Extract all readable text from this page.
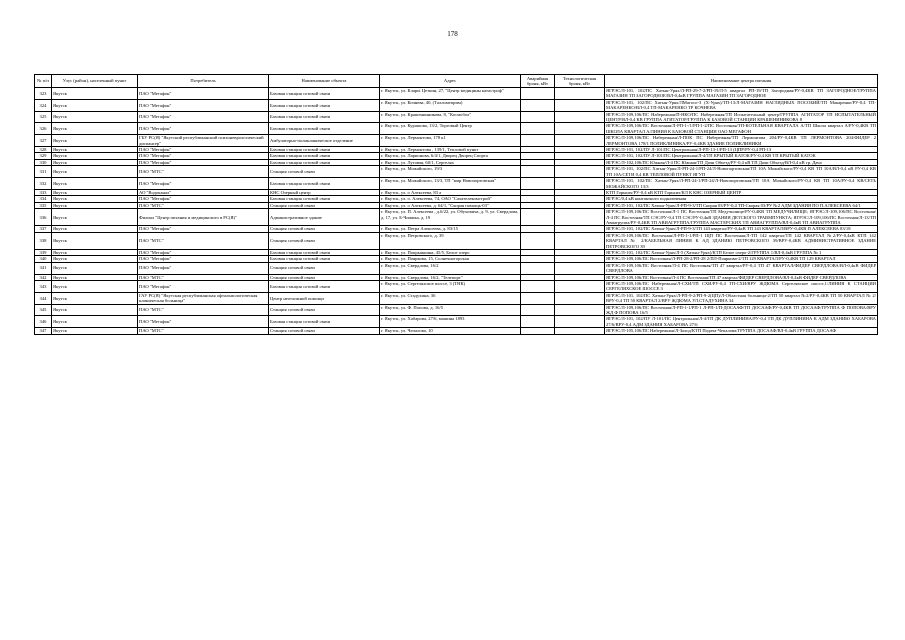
178
№ п/п	Улус (район), населенный пункт	Потребитель	Наименование объекта	Адрес	Аварийная броня, кВт	Технологическая броня, кВт	Наименование центра питания
323	Якутск	ПАО "Мегафон"	Базовая станция сотовой связи	г. Якутск, ул. Кларьі Цеткин, 27, "Центр медицины катастроф"			ЯГРЭС/Л-101, 102/ПС Хатын-Урях/Л-РП-29-7-2/РП-19/Л-5 квартал РП-19/ТП Загородная/РУ-0,4КВ ТП ЗАГОРОДНОЕ/ТРУППА МАГАЗИН ТП ЗАГОРОДНОЕ/ВЛ-0,4кВ ГРУППА МАГАЗИН ТП ЗАГОРОДНОЕ
324	Якутск	ПАО "Мегафон"	Базовая станция сотовой связи	г. Якутск, ул. Кочнева, 40, (Талломеприм)			ЯГРЭС/Л-101, 102/ПС Хатын-Урях/ЛМагосо-3 (Х-Урях)/ТП-13/Л-МАГАЗИН НАГЛЯДНЫХ ПОСОБИЙ/ТП Макаренко/РУ-0,4 ТП-МАКАРЕНКО/ВЛ-0,4 ТП-МАКАРЕНКО ТР КОЧНЕВА
325	Якутск	ПАО "Мегафон"	Базовая станция сотовой связи	г. Якутск, ул. Крашенинникова, 8, "Космобол"			ЯГРЭС/Л-109,106/ПС Набережная/П-НКО/ПС Набережная/ТП Испытательный центр/ГРУППА АГИТАТОР ТП ИСПЫТАТЕЛЬНЫЙ ЦЕНТР/ВЛ-0,4 КВ ГРУППА АГИТАТОР/ГРУППА К БАЗОВОЙ СТАНЦИИ КРАШЕНИНИКОВА 8
326	Якутск	ПАО "Мегафон"	Базовая станция сотовой связи	г. Якутск, ул. Курашова, 13/2, Торговый Центр			ЯГРЭС/Л-109,106/ПС Восточная/Л-РП-1-/1/РП-1-2/ПС Восточная/ТП-КОТЕЛЬНАЯ КВАРТАЛА А/ТП Школа квартал А/РУ-0,4КВ ТП ШКОЛА КВАРТАЛ А/ЛИНИЯ К БАЗОВОЙ СТАНЦИИ ОАО МЕГАФОН
327	Якутск	ГБУ РС(Я) "Якутский республиканский психоневрологический диспансер"	Амбулаторно-поликлиническое отделение	г. Якутск, ул. Лермонтова, 178 к1			ЯГРЭС/Л-109,106/ПС Набережная/Л-ПОК ПС Набережная/ТП Лермонтова 204/РУ-0,4КВ ТП ЛЕРМОНТОВА 204/ФИДЕР 2 ЛЕРМОНТОВА 178/1 ПОЛИКЛИНИКА/РУ-0,4КВ ЗДАНИЕ ПОЛИКЛИНИКИ
328	Якутск	ПАО "Мегафон"	Базовая станция сотовой связи	г. Якутск, ул. Лермонтова , 139/1, Тепловой пункт			ЯГРЭС/Л-101, 102/ПУ Л-101/ПС Центральная/Л-РП-13-1/РП-13 (ЦПР/РУ-0,4 РП-13
329	Якутск	ПАО "Мегафон"	Базовая станция сотовой связи	г. Якутск, ул. Ларионова, 6/4/1, Дворец Дворец Спорта			ЯГРЭС/Л-101, 102/ПУ Л-101/ПС Центральная/Л-4/ТП КРЫТЫЙ КАТОК/РУ-0,4 КВ ТП КРЫТЫЙ КАТОК
330	Якутск	ПАО "Мегафон"	Базовая станция сотовой связи	г. Якутск, ул. Луговая, 60/1, Сергелях			ЯГРЭС/Л-102,106/ПС Южная/Л-4 ПС Южная/ТП Дачи Объезд/РУ-0,4 кВ ТП Дачи Объезд/ВЛ-0,4 кВ гр. Дача
331	Якутск	ПАО "МТС"	Станция сотовой связи	г. Якутск, ул. Можайского, 19/3			ЯГРЭС/Л-101, 102/ПС Хатын-Урях/Л-РП-24-1/РП-24/Л-Новопортовская/ТП 10А Можайского/РУ-0,4 КВ ТП 10А/ВЛ-0,4 кВ РУ-0,4 КВ ТП 10А/СЕТИ 0,4 КВ ТЕПЛОВОЙ ПУНКТ ЯГУП
332	Якутск	ПАО "Мегафон"	Базовая станция сотовой связи	г. Якутск, ул. Можайского, 13/3, ТП "мир Новопортовская"			ЯГРЭС/Л-101, 102/ПС Хатын-Урях/Л-РП-24-1/РП-24/Л-Новопортовская/ТП 10А Можайского/РУ-0,4 КВ ТП 10А/РУ-0,4 КВ/СЕТЬ МОЖАЙСКОГО 13/3
333	Якутск	АО "Водоканал"	КНС Озерный центр	г. Якутск, ул. о Алексеева, 83 а			КТП Горьких/РУ-0,4 кВ КТП Горьких/КЛ К КНС ОЗЕРНЫЙ ЦЕНТР
334	Якутск	ПАО "Мегафон"	Базовая станция сотовой связи	г. Якутск, ул. о. Алексеева, 74, ОАО "Сахателекомстрой"			ЯГРЭС/0,4 кВ контактного подключения
335	Якутск	ПАО "МТС"	Станция сотовой связи	г. Якутск, ул. о Алексеева, д. 64/1, "Скорая помощь-03"			ЯГРЭС/Л-101, 102/ПС Хатын-Урях/Л-РП-9-3/ТП Скорая 03/РУ-0,4 ТП-Скорая 03/РУ №2 АДМ ЗДАНИЯ ПО П.АЛЕКСЕЕВА 64/1
336	Якутск	Филиал "Центр питания и медицинского в РС(Я)"	Административное здание	г. Якутск, ул. П. Алексеева , д.6/22, ул. Обуховича, д. 9, ул. Свердлова, д. 17, ул. Б-Чижика, д. 19			ЯГРЭС/Л-109,106/ПС Восточная/Л-1 ПС Восточная/ТП Медучилище/РУ-0,4КВ ТП МЕДУЧИЛИЩЕ; ЯГРЭС/Л-109,106/ПС Восточная/Л-4 ПС Восточная/ТП СЭС/РУ-0,4 ТП СЭС/РУ-0,4кВ ЗДАНИЯ ДЕТСКОГО ТРАВМПУНКТА; ЯГРЭС/Л-109,106/ПС Восточная/Л-13/ТП Авиагруппа/РУ-0,4КВ ТП АВИАГРУППА/ГРУППА МАСТЕРСКИХ ТП АВИАГРУППА/ВЛ-0,4кВ ТП АВИАГРУППА
337	Якутск	ПАО "Мегафон"	Станция сотовой связи	г. Якутск, ул. Петра Алексеева, д. 83/15			ЯГРЭС/Л-101, 102/ПС Хатын-Урях/Л-РП-9-3/ТП 143 квартал/РУ-0,4кВ ТП 143 КВАРТАЛ/ВРУ-0,4КВ П АЛЕКСЕЕВА 83/18
338	Якутск	ПАО "МТС"	Станция сотовой связи	г. Якутск, ул. Петровского, д. 39			ЯГРЭС/Л-109,106/ПС Восточная/Л-РП-1-1/РП-1 ЩП ПС Восточная/Л-ТП 142 квартал/ТП 142 КВАРТАЛ №2/РУ-0,4кВ КТП 142 КВАРТАЛ № 2/КАБЕЛЬНАЯ ЛИНИЯ К АД ЗДАНИЮ ПЕТРОВСКОГО 39/ВРУ-0,4КВ АДМИНИСТРАТИВНОЕ ЗДАНИЕ ПЕТРОВСКОГО 39
339	Якутск	ПАО "Мегафон"	Базовая станция сотовой связи	г. Якутск, ул. Покрышкина, 45/5, Белое озеро			ЯГРЭС/Л-101, 102/ПС Хатын-Урях/Л-5 (Хатын-Урях)/КТП Белое озеро-2/ГРУППА 1/ВЛ-0,4кВ ГРУППА № 1
340	Якутск	ПАО "Мегафон"	Базовая станция сотовой связи	г. Якутск, ул. Пояркова, 15, Солнечногорская			ЯГРЭС/Л-109,106/ПС Восточная/Л-РП-28-2/РП-28 2/ПЛ-Пояркова-2/ТП 129 КВАРТАЛ/РУ-0,4КВ ТП 129 КВАРТАЛ
341	Якутск	ПАО "Мегафон"	Станция сотовой связи	г. Якутск, ул. Свердлова, 16/2			ЯГРЭС/Л-109,106/ПС Восточная/Л-4 ПС Восточная/ТП 47 квартал/РУ-0,4 ТП 47 КВАРТАЛ/ФИДЕР СВЕРДЛОВА/ВЛ-0,4кВ ФИДЕР СВЕРДЛОВА
342	Якутск	ПАО "МТС"	Станция сотовой связи	г. Якутск, ул. Свердлова, 16/2, "Телепорт"			ЯГРЭС/Л-109,106/ПС Восточная/Л-4 ПС Восточная/ТП 47 квартал/ФИДЕР СВЕРДЛОВА/ВЛ-0,4кВ ФИДЕР СВЕРДЛОВА
343	Якутск	ПАО "Мегафон"	Базовая станция сотовой связи	г. Якутск, ул. Сергеляхское шоссе, 3 (ТНК)			ЯГРЭС/Л-109,106/ПС Набережная/Л-СХИ/ТП СХИ/РУ-0,4 ТП-СХИ/ВРУ ЖДЮМА Сергеляхское шоссе,1/ЛИНИЯ К СТАНЦИИ СЕРГЕЛЯХСКОЕ ШОССЕ 3
344	Якутск	ГАУ РС(Я) "Якутская республиканская офтальмологическая клиническая больница"	Центр неотложной помощи	г. Якутск, ул. Стадухина, 36			ЯГРЭС/Л-101, 102/ПС Хатын-Урях/Л-РП-9-2/РП-9-2(ЦП)/Л-Областная больница-2/ТП 50 квартал №2/РУ-0,4КВ ТП 50 КВАРТАЛ № 2/ВРУ-0,4 ТП 50 КВАРТАЛ 2/ВРУ ЖДЮМА УЛ.СТАДУХИНА 34
345	Якутск	ПАО "МТС"	Станция сотовой связи	г. Якутск, ул. Ф. Попова, д. 16/5			ЯГРЭС/Л-109,106/ПС Восточная/Л-РП-1-1/РП-1 Л-РП-1/П-ДОСААФ/ТП ДОСААФ/РУ-0,4КВ ТП ДОСААФ/ГРУППА Ф ПОПОВА/ВРУ ЖД Ф ПОПОВА 16/5
346	Якутск	ПАО "Мегафон"	Базовая станция сотовой связи	г. Якутск, ул. Хабарова, 27/6, машина 1893			ЯГРЭС/Л-101, 102/ПУ Л-101/ПС Центральная/Л-4/ТП ДК ДУПЛИНИНА/РУ-0,4 ТП ДК ДУПЛИНИНА К АДМ ЗДАНИЮ ХАБАРОВА 27/6/ВРУ-0,4 АДМ ЗДАНИЯ ХАБАРОВА 27/6
347	Якутск	ПАО "МТС"	Станция сотовой связи	г. Якутск, ул. Чепалова, 10			ЯГРЭС/Л-105,106/ПС Набережная/Л-Заход/КТП Подача-Чепалова/ГРУППА ДОСААФ/ВЛ-0,4кВ ГРУППА ДОСААФ
